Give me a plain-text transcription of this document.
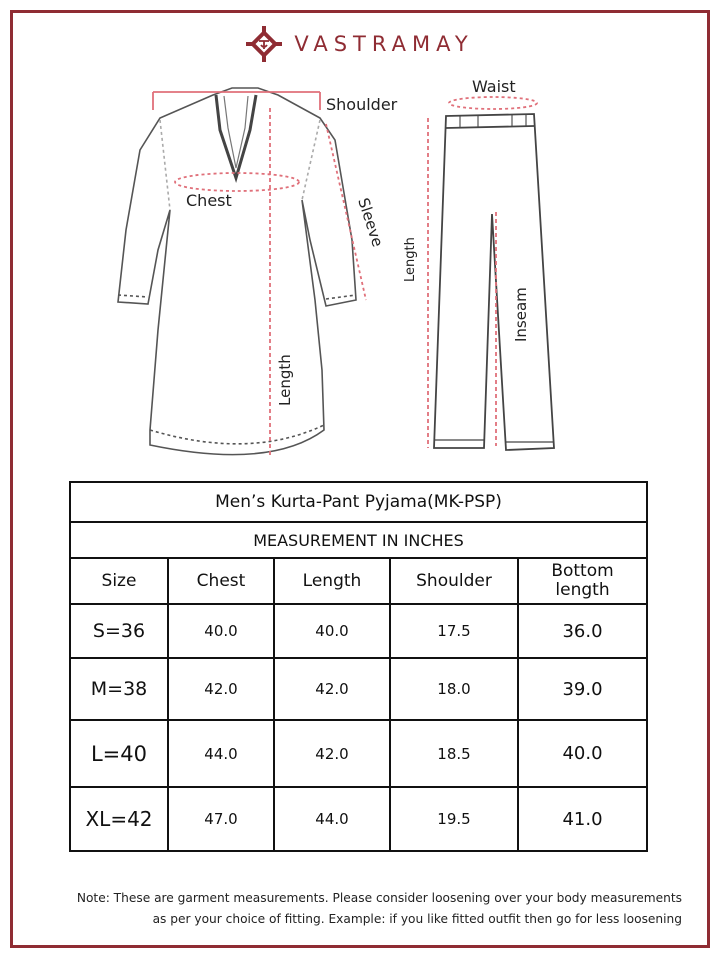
VASTRAMAY
Shoulder
Chest	Sleeve
Length
Waist
Length
Inseam
Men’s Kurta-Pant Pyjama(MK-PSP)				
MEASUREMENT IN INCHES				
Size	Chest	Length	Shoulder	Bottom
length
S=36	40.0	40.0	17.5	36.0
M=38	42.0	42.0	18.0	39.0
L=40	44.0	42.0	18.5	40.0
XL=42	47.0	44.0	19.5	41.0
Note: These are garment measurements. Please consider loosening over your body measurements
as per your choice of fitting. Example: if you like fitted outfit then go for less loosening
